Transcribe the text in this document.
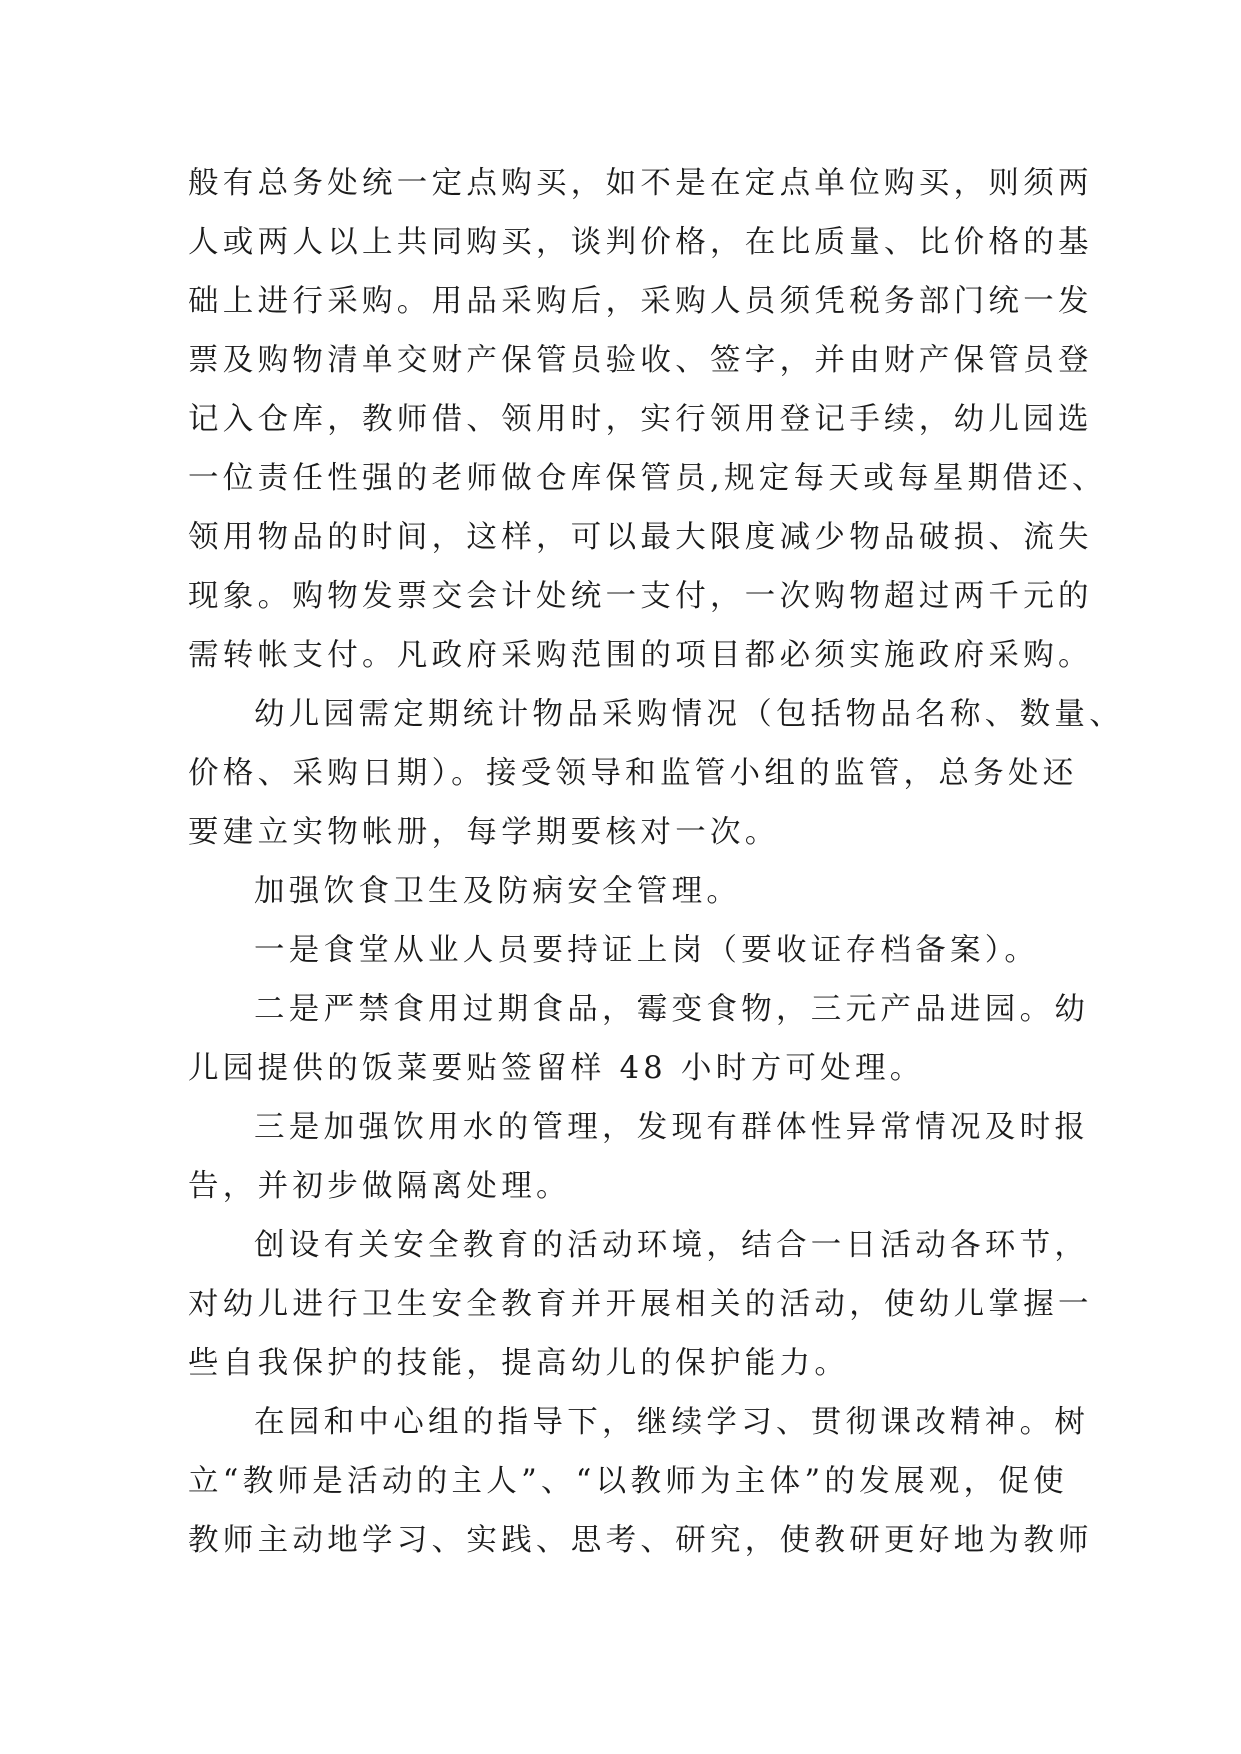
般有总务处统一定点购买，如不是在定点单位购买，则须两
人或两人以上共同购买，谈判价格，在比质量、比价格的基
础上进行采购。用品采购后，采购人员须凭税务部门统一发
票及购物清单交财产保管员验收、签字，并由财产保管员登
记入仓库，教师借、领用时，实行领用登记手续，幼儿园选
一位责任性强的老师做仓库保管员,规定每天或每星期借还、
领用物品的时间，这样，可以最大限度减少物品破损、流失
现象。购物发票交会计处统一支付，一次购物超过两千元的
需转帐支付。凡政府采购范围的项目都必须实施政府采购。
幼儿园需定期统计物品采购情况（包括物品名称、数量、
价格、采购日期）。接受领导和监管小组的监管，总务处还
要建立实物帐册，每学期要核对一次。
加强饮食卫生及防病安全管理。
一是食堂从业人员要持证上岗（要收证存档备案）。
二是严禁食用过期食品，霉变食物，三元产品进园。幼
儿园提供的饭菜要贴签留样 48 小时方可处理。
三是加强饮用水的管理，发现有群体性异常情况及时报
告，并初步做隔离处理。
创设有关安全教育的活动环境，结合一日活动各环节，
对幼儿进行卫生安全教育并开展相关的活动，使幼儿掌握一
些自我保护的技能，提高幼儿的保护能力。
在园和中心组的指导下，继续学习、贯彻课改精神。树
立“教师是活动的主人”、“以教师为主体”的发展观，促使
教师主动地学习、实践、思考、研究，使教研更好地为教师
